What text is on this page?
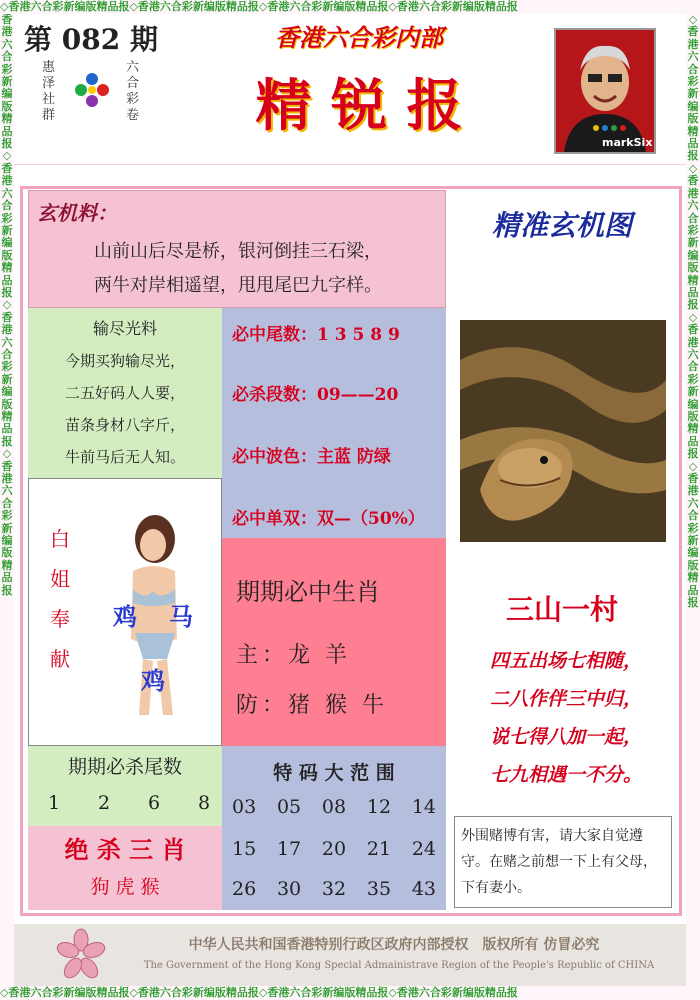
◇香港六合彩新编版精品报◇香港六合彩新编版精品报◇香港六合彩新编版精品报◇香港六合彩新编版精品报
◇香港六合彩新编版精品报◇香港六合彩新编版精品报◇香港六合彩新编版精品报◇香港六合彩新编版精品报
香港六合彩新编版精品报◇香港六合彩新编版精品报◇香港六合彩新编版精品报◇香港六合彩新编版精品报
◇香港六合彩新编版精品报◇香港六合彩新编版精品报◇香港六合彩新编版精品报◇香港六合彩新编版精品报
第 082 期
惠泽社群
六合彩卷
香港六合彩内部
精 锐 报
markSix
玄机料：
山前山后尽是桥，银河倒挂三石梁，
两牛对岸相遥望，甩甩尾巴九字样。
输尽光料
今期买狗输尽光，
二五好码人人要，
苗条身材八字斤，
牛前马后无人知。
必中尾数：1 3 5 8 9
必杀段数：09——20
必中波色：主蓝 防绿
必中单双：双—（50%）
白
姐
奉
献
鸡 马
鸡
期期必中生肖
主：龙 羊
防：猪 猴 牛
期期必杀尾数
1 2 6 8
绝 杀 三 肖
狗 虎 猴
特 码 大 范 围
03 05 08 12 14
15 17 20 21 24
26 30 32 35 43
精准玄机图
三山一村
四五出场七相随，
二八作伴三中归，
说七得八加一起，
七九相遇一不分。
外围赌博有害，请大家自觉遵守。在赌之前想一下上有父母，下有妻小。
中华人民共和国香港特别行政区政府内部授权　版权所有 仿冒必究
The Government of the Hong Kong Special Admainistrave Region of the People's Republic of CHINA
